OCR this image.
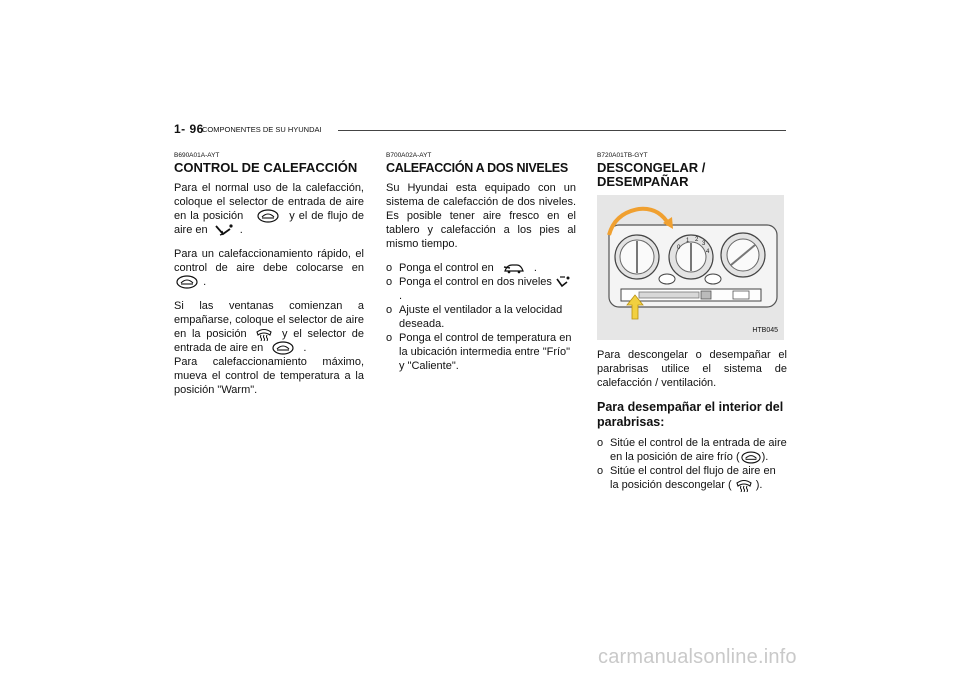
1- 96
COMPONENTES DE SU HYUNDAI
B690A01A-AYT
CONTROL DE CALEFACCIÓN

Para el normal uso de la calefacción, coloque el selector de entrada de aire en la posición	y el de flujo de aire en	.

Para un calefaccionamiento rápido, el control de aire debe colocarse en
.

Si las ventanas comienzan a empañarse, coloque el selector de aire en la posición	y el selector de entrada de aire en	.

Para calefaccionamiento máximo, mueva el control de temperatura a la posición "Warm".

B700A02A-AYT
CALEFACCIÓN A DOS NIVELES

Su Hyundai esta equipado con un sistema de calefacción de dos niveles. Es posible tener aire fresco en el tablero y calefacción a los pies al mismo tiempo.

o Ponga el control en	.
o Ponga el control en dos niveles
.
o Ajuste el ventilador a la velocidad deseada.
o Ponga el control de temperatura en la ubicación intermedia entre "Frío" y "Caliente".
B720A01TB-GYT
DESCONGELAR /
DESEMPAÑAR
0
1 2
3
4
HTB045

Para descongelar o desempañar el parabrisas utilice el sistema de calefacción / ventilación.

Para desempañar el interior del parabrisas:
o Sitúe el control de la entrada de aire en la posición de aire frío ( ).
o Sitúe el control del flujo de aire en la posición descongelar ( ).
carmanualsonline.info
